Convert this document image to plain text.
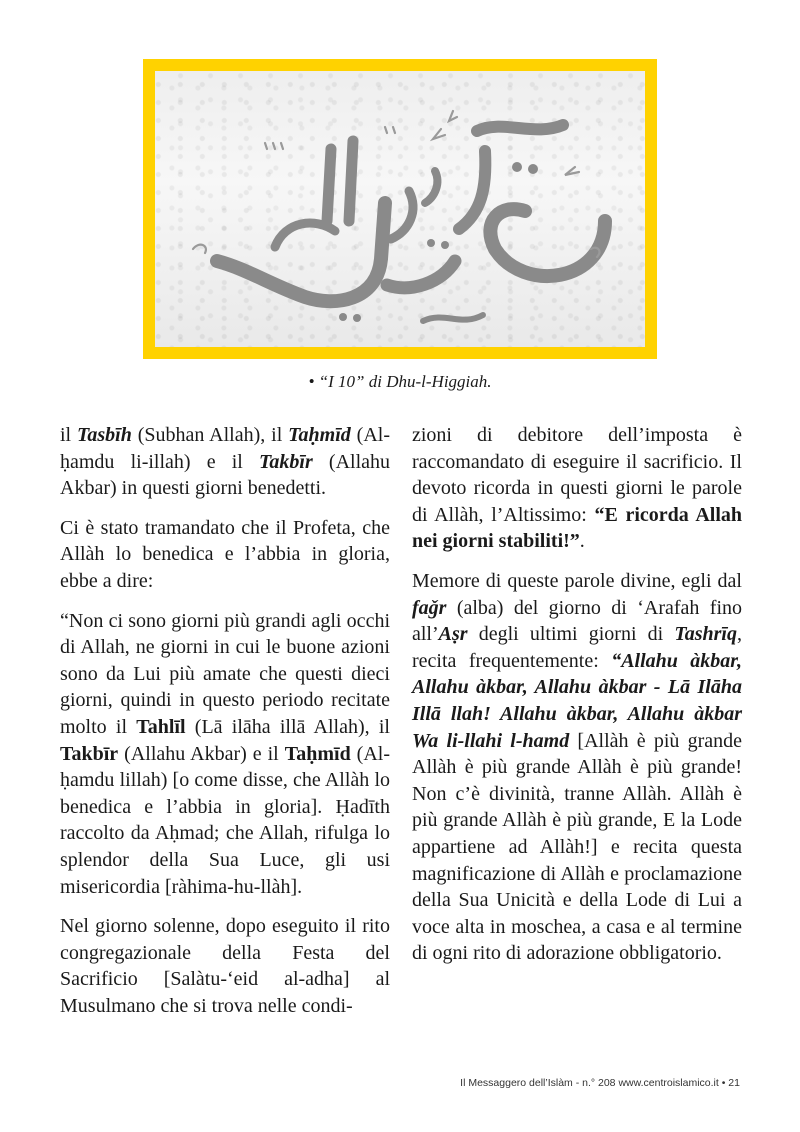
• “I 10” di Dhu-l-Higgiah.

il Tasbīh (Subhan Allah), il Taḥmīd (Al-ḥamdu li-illah) e il Takbīr (Allahu Akbar) in questi giorni benedetti.

Ci è stato tramandato che il Profeta, che Allàh lo benedica e l’abbia in gloria, ebbe a dire:

“Non ci sono giorni più grandi agli occhi di Allah, ne giorni in cui le buone azioni sono da Lui più amate che questi dieci giorni, quindi in questo periodo recitate molto il Tahlīl (Lā ilāha illā Allah), il Takbīr (Allahu Akbar) e il Taḥmīd (Al-ḥamdu lillah) [o come disse, che Allàh lo benedica e l’abbia in gloria]. Ḥadīth raccolto da Aḥmad; che Allah, rifulga lo splendor della Sua Luce, gli usi misericordia [ràhima-hu-llàh].

Nel giorno solenne, dopo eseguito il rito congregazionale della Festa del Sacrificio [Salàtu-‘eid al-adha] al Musulmano che si trova nelle condi-

zioni di debitore dell’imposta è raccomandato di eseguire il sacrificio. Il devoto ricorda in questi giorni le parole di Allàh, l’Altissimo: “E ricorda Allah nei giorni stabiliti!”.

Memore di queste parole divine, egli dal faǧr (alba) del giorno di ‘Arafah fino all’Aṣr degli ultimi giorni di Tashrīq, recita frequentemente: “Allahu àkbar, Allahu àkbar, Allahu àkbar - Lā Ilāha Illā llah! Allahu àkbar, Allahu àkbar Wa li-llahi l-hamd [Allàh è più grande Allàh è più grande Allàh è più grande! Non c’è divinità, tranne Allàh. Allàh è più grande Allàh è più grande, E la Lode appartiene ad Allàh!] e recita questa magnificazione di Allàh e proclamazione della Sua Unicità e della Lode di Lui a voce alta in moschea, a casa e al termine di ogni rito di adorazione obbligatorio.

Il Messaggero dell’Islàm - n.° 208 www.centroislamico.it • 21
